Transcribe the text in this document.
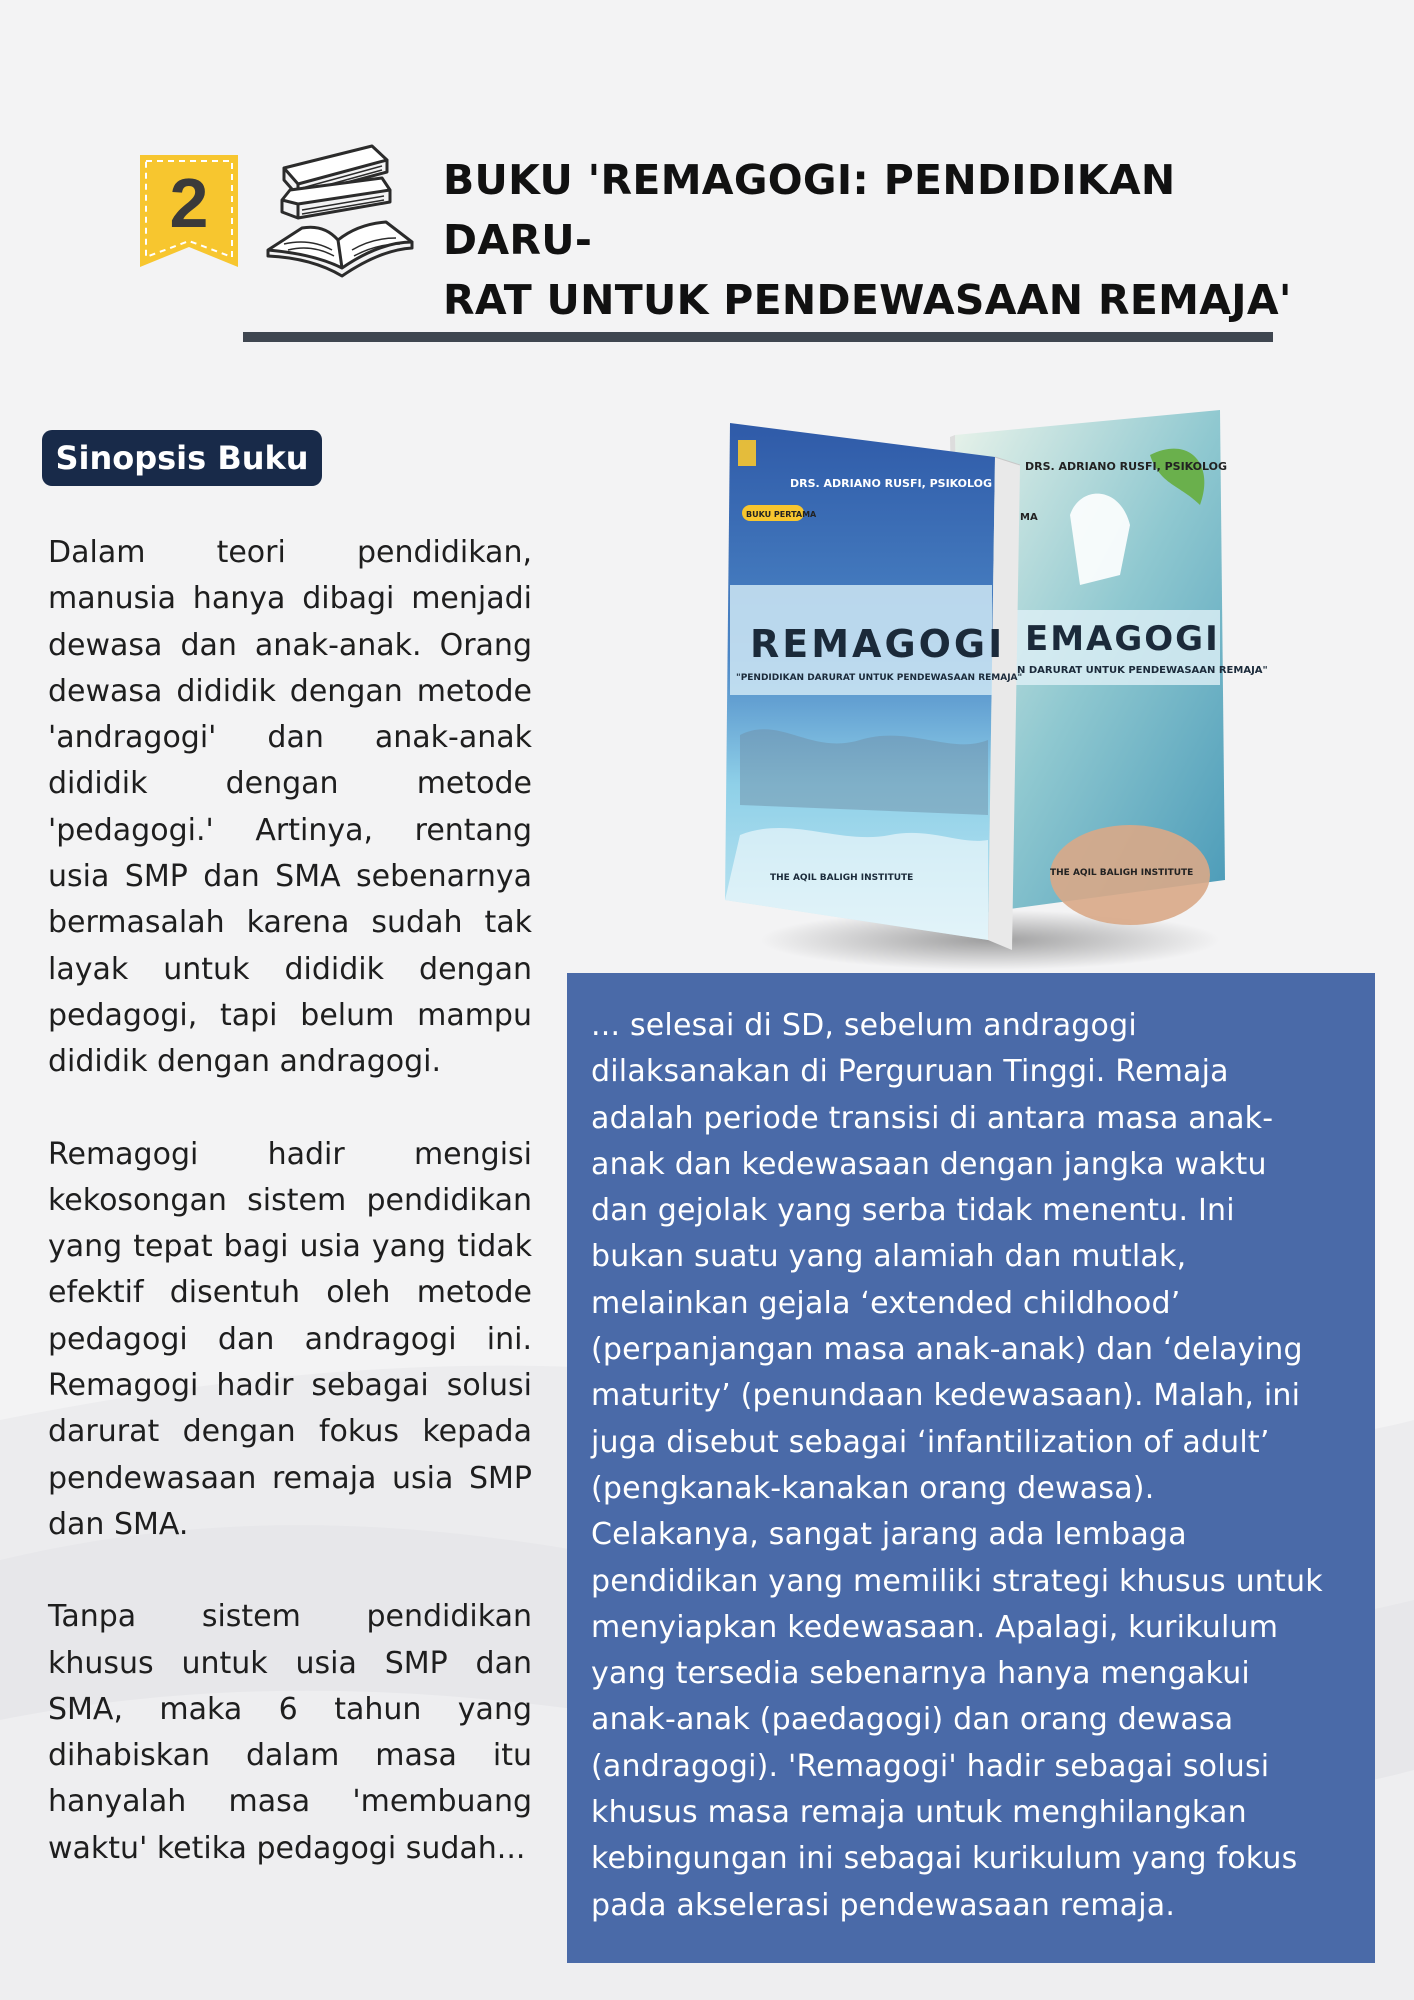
2	BUKU 'REMAGOGI: PENDIDIKAN DARU-
RAT UNTUK PENDEWASAAN REMAJA'
Sinopsis Buku

Dalam teori pendidikan, manusia hanya dibagi menjadi dewasa dan anak-anak. Orang dewasa dididik dengan metode 'andragogi' dan anak-anak dididik dengan metode 'pedagogi.' Artinya, rentang usia SMP dan SMA sebenarnya bermasalah karena sudah tak layak untuk dididik dengan pedagogi, tapi belum mampu dididik dengan andragogi.

Remagogi hadir mengisi kekosongan sistem pendidikan yang tepat bagi usia yang tidak efektif disentuh oleh metode pedagogi dan andragogi ini. Remagogi hadir sebagai solusi darurat dengan fokus kepada pendewasaan remaja usia SMP dan SMA.

Tanpa sistem pendidikan khusus untuk usia SMP dan SMA, maka 6 tahun yang dihabiskan dalam masa itu hanyalah masa 'membuang waktu' ketika pedagogi sudah...

DRS. ADRIANO RUSFI, PSIKOLOG
MA
EMAGOGI
N DARURAT UNTUK PENDEWASAAN REMAJA"
THE AQIL BALIGH INSTITUTE
DRS. ADRIANO RUSFI, PSIKOLOG
BUKU PERTAMA
REMAGOGI
"PENDIDIKAN DARURAT UNTUK PENDEWASAAN REMAJA"
THE AQIL BALIGH INSTITUTE
... selesai di SD, sebelum andragogi
dilaksanakan di Perguruan Tinggi. Remaja
adalah periode transisi di antara masa anak-
anak dan kedewasaan dengan jangka waktu
dan gejolak yang serba tidak menentu. Ini
bukan suatu yang alamiah dan mutlak,
melainkan gejala ‘extended childhood’
(perpanjangan masa anak-anak) dan ‘delaying
maturity’ (penundaan kedewasaan). Malah, ini
juga disebut sebagai ‘infantilization of adult’
(pengkanak-kanakan orang dewasa).
Celakanya, sangat jarang ada lembaga
pendidikan yang memiliki strategi khusus untuk
menyiapkan kedewasaan. Apalagi, kurikulum
yang tersedia sebenarnya hanya mengakui
anak-anak (paedagogi) dan orang dewasa
(andragogi). 'Remagogi' hadir sebagai solusi
khusus masa remaja untuk menghilangkan
kebingungan ini sebagai kurikulum yang fokus
pada akselerasi pendewasaan remaja.
